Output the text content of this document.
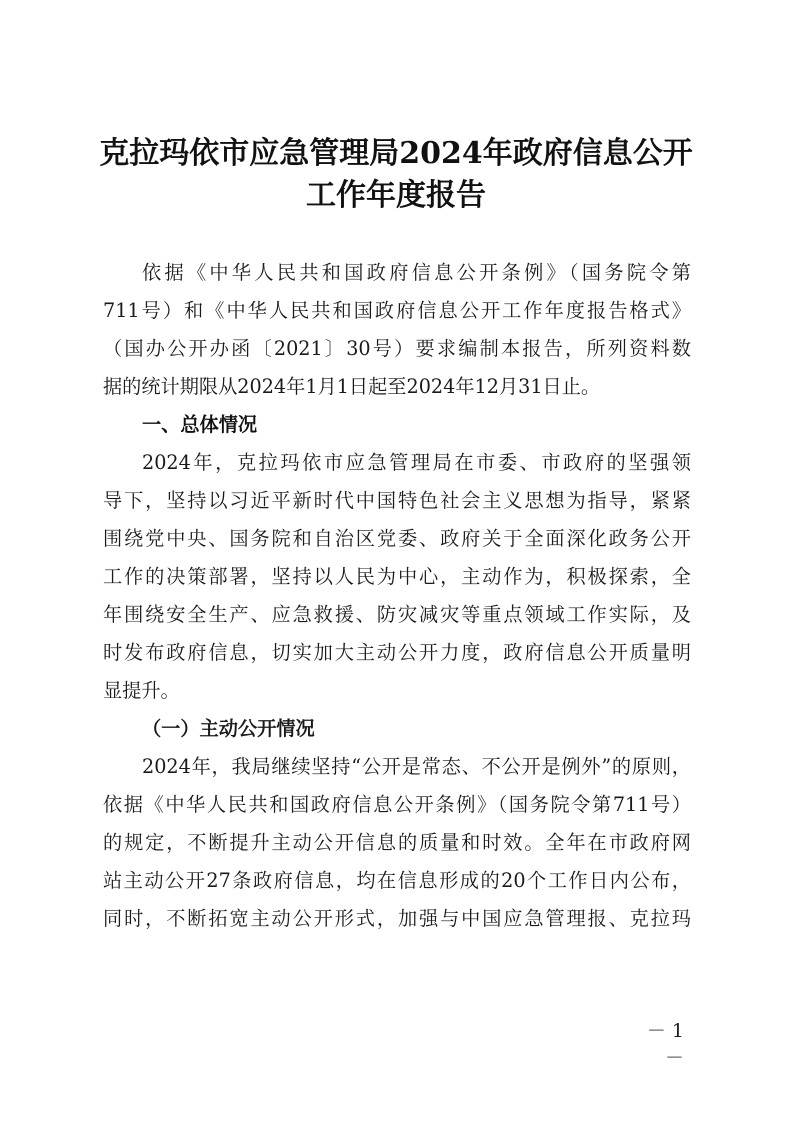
克拉玛依市应急管理局2024年政府信息公开
工作年度报告

依据《中华人民共和国政府信息公开条例》（国务院令第

711号）和《中华人民共和国政府信息公开工作年度报告格式》

（国办公开办函〔2021〕30号）要求编制本报告，所列资料数

据的统计期限从2024年1月1日起至2024年12月31日止。

一、总体情况

2024年，克拉玛依市应急管理局在市委、市政府的坚强领

导下，坚持以习近平新时代中国特色社会主义思想为指导，紧紧

围绕党中央、国务院和自治区党委、政府关于全面深化政务公开

工作的决策部署，坚持以人民为中心，主动作为，积极探索，全

年围绕安全生产、应急救援、防灾减灾等重点领域工作实际，及

时发布政府信息，切实加大主动公开力度，政府信息公开质量明

显提升。

（一）主动公开情况

2024年，我局继续坚持“公开是常态、不公开是例外”的原则，

依据《中华人民共和国政府信息公开条例》（国务院令第711号）

的规定，不断提升主动公开信息的质量和时效。全年在市政府网

站主动公开27条政府信息，均在信息形成的20个工作日内公布，

同时，不断拓宽主动公开形式，加强与中国应急管理报、克拉玛

－ 1 －
